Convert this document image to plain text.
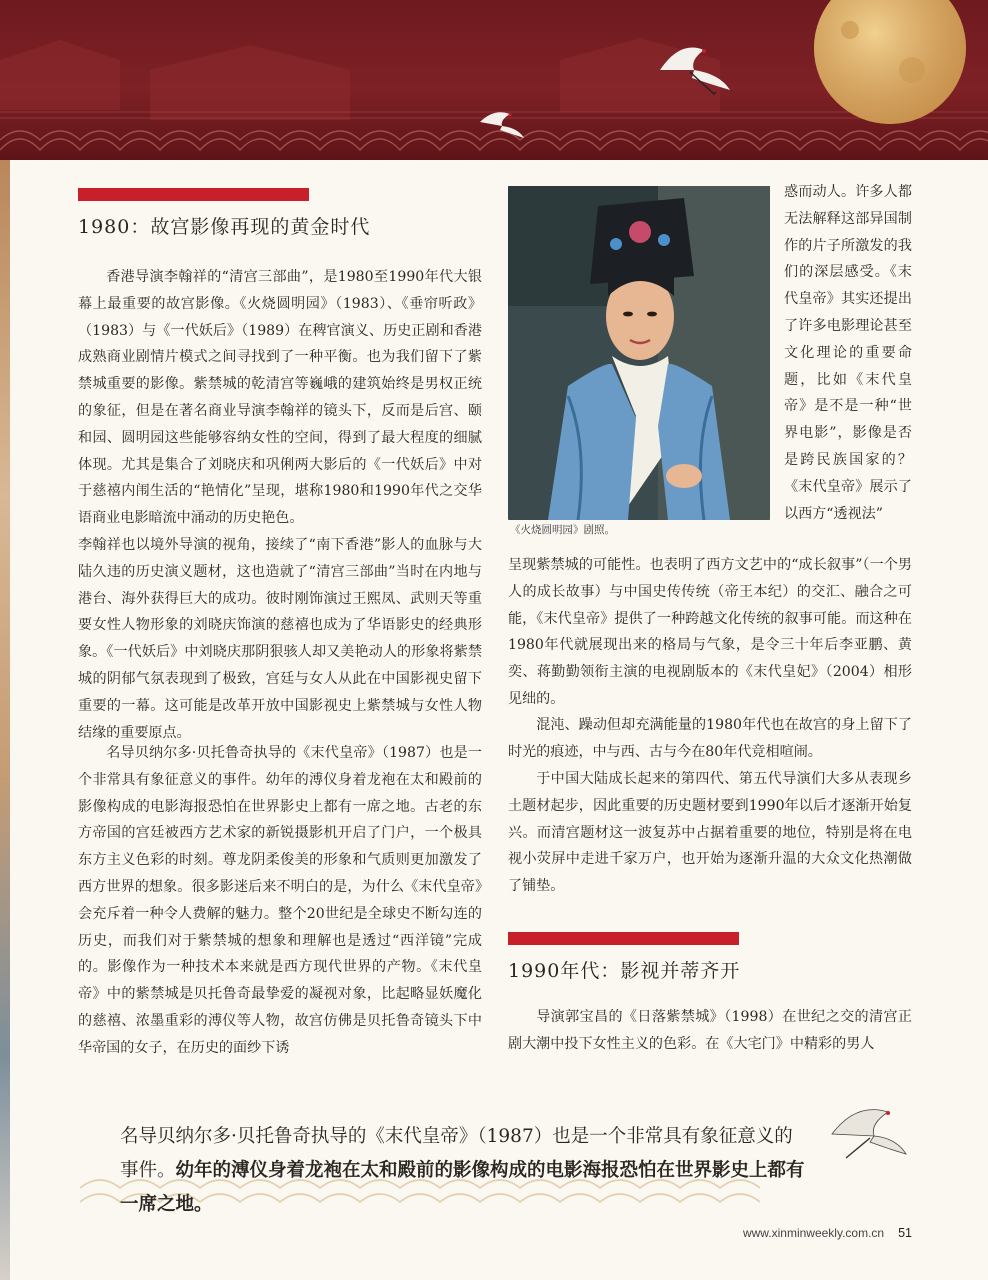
1980：故宫影像再现的黄金时代

香港导演李翰祥的“清宫三部曲”，是1980至1990年代大银幕上最重要的故宫影像。《火烧圆明园》（1983）、《垂帘听政》（1983）与《一代妖后》（1989）在稗官演义、历史正剧和香港成熟商业剧情片模式之间寻找到了一种平衡。也为我们留下了紫禁城重要的影像。紫禁城的乾清宫等巍峨的建筑始终是男权正统的象征，但是在著名商业导演李翰祥的镜头下，反而是后宫、颐和园、圆明园这些能够容纳女性的空间，得到了最大程度的细腻体现。尤其是集合了刘晓庆和巩俐两大影后的《一代妖后》中对于慈禧内闱生活的“艳情化”呈现，堪称1980和1990年代之交华语商业电影暗流中涌动的历史艳色。

李翰祥也以境外导演的视角，接续了“南下香港”影人的血脉与大陆久违的历史演义题材，这也造就了“清宫三部曲”当时在内地与港台、海外获得巨大的成功。彼时刚饰演过王熙凤、武则天等重要女性人物形象的刘晓庆饰演的慈禧也成为了华语影史的经典形象。《一代妖后》中刘晓庆那阴狠骇人却又美艳动人的形象将紫禁城的阴郁气氛表现到了极致，宫廷与女人从此在中国影视史留下重要的一幕。这可能是改革开放中国影视史上紫禁城与女性人物结缘的重要原点。

名导贝纳尔多·贝托鲁奇执导的《末代皇帝》（1987）也是一个非常具有象征意义的事件。幼年的溥仪身着龙袍在太和殿前的影像构成的电影海报恐怕在世界影史上都有一席之地。古老的东方帝国的宫廷被西方艺术家的新锐摄影机开启了门户，一个极具东方主义色彩的时刻。尊龙阴柔俊美的形象和气质则更加激发了西方世界的想象。很多影迷后来不明白的是，为什么《末代皇帝》会充斥着一种令人费解的魅力。整个20世纪是全球史不断勾连的历史，而我们对于紫禁城的想象和理解也是透过“西洋镜”完成的。影像作为一种技术本来就是西方现代世界的产物。《末代皇帝》中的紫禁城是贝托鲁奇最挚爱的凝视对象，比起略显妖魔化的慈禧、浓墨重彩的溥仪等人物，故宫仿佛是贝托鲁奇镜头下中华帝国的女子，在历史的面纱下诱

《火烧圆明园》剧照。

惑而动人。许多人都无法解释这部异国制作的片子所激发的我们的深层感受。《末代皇帝》其实还提出了许多电影理论甚至文化理论的重要命题，比如《末代皇帝》是不是一种“世界电影”，影像是否是跨民族国家的？《末代皇帝》展示了以西方“透视法”

呈现紫禁城的可能性。也表明了西方文艺中的“成长叙事”（一个男人的成长故事）与中国史传传统（帝王本纪）的交汇、融合之可能，《末代皇帝》提供了一种跨越文化传统的叙事可能。而这种在1980年代就展现出来的格局与气象，是令三十年后李亚鹏、黄奕、蒋勤勤领衔主演的电视剧版本的《末代皇妃》（2004）相形见绌的。

混沌、躁动但却充满能量的1980年代也在故宫的身上留下了时光的痕迹，中与西、古与今在80年代竞相喧闹。

于中国大陆成长起来的第四代、第五代导演们大多从表现乡土题材起步，因此重要的历史题材要到1990年以后才逐渐开始复兴。而清宫题材这一波复苏中占据着重要的地位，特别是将在电视小荧屏中走进千家万户，也开始为逐渐升温的大众文化热潮做了铺垫。

1990年代：影视并蒂齐开

导演郭宝昌的《日落紫禁城》（1998）在世纪之交的清宫正剧大潮中投下女性主义的色彩。在《大宅门》中精彩的男人

名导贝纳尔多·贝托鲁奇执导的《末代皇帝》（1987）也是一个非常具有象征意义的事件。幼年的溥仪身着龙袍在太和殿前的影像构成的电影海报恐怕在世界影史上都有一席之地。

www.xinminweekly.com.cn 51
